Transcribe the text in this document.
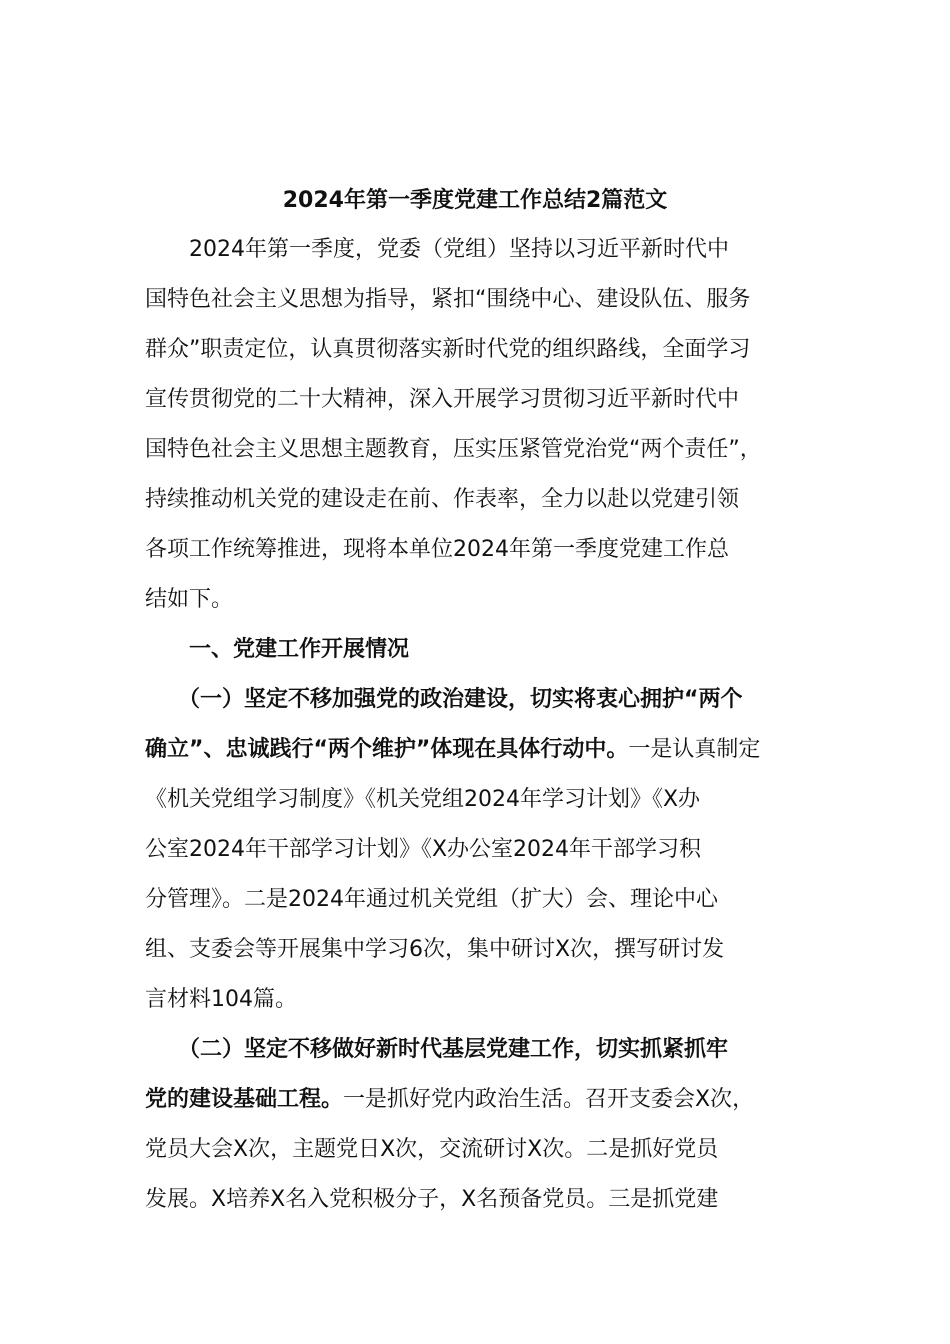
2024年第一季度党建工作总结2篇范文
　　2024年第一季度，党委（党组）坚持以习近平新时代中
国特色社会主义思想为指导，紧扣“围绕中心、建设队伍、服务
群众”职责定位，认真贯彻落实新时代党的组织路线，全面学习
宣传贯彻党的二十大精神，深入开展学习贯彻习近平新时代中
国特色社会主义思想主题教育，压实压紧管党治党“两个责任”，
持续推动机关党的建设走在前、作表率，全力以赴以党建引领
各项工作统筹推进，现将本单位2024年第一季度党建工作总
结如下。
　　一、党建工作开展情况
　　（一）坚定不移加强党的政治建设，切实将衷心拥护“两个
确立”、忠诚践行“两个维护”体现在具体行动中。一是认真制定
《机关党组学习制度》《机关党组2024年学习计划》《X办
公室2024年干部学习计划》《X办公室2024年干部学习积
分管理》。二是2024年通过机关党组（扩大）会、理论中心
组、支委会等开展集中学习6次，集中研讨X次，撰写研讨发
言材料104篇。
　　（二）坚定不移做好新时代基层党建工作，切实抓紧抓牢
党的建设基础工程。一是抓好党内政治生活。召开支委会X次，
党员大会X次，主题党日X次，交流研讨X次。二是抓好党员
发展。X培养X名入党积极分子，X名预备党员。三是抓党建
